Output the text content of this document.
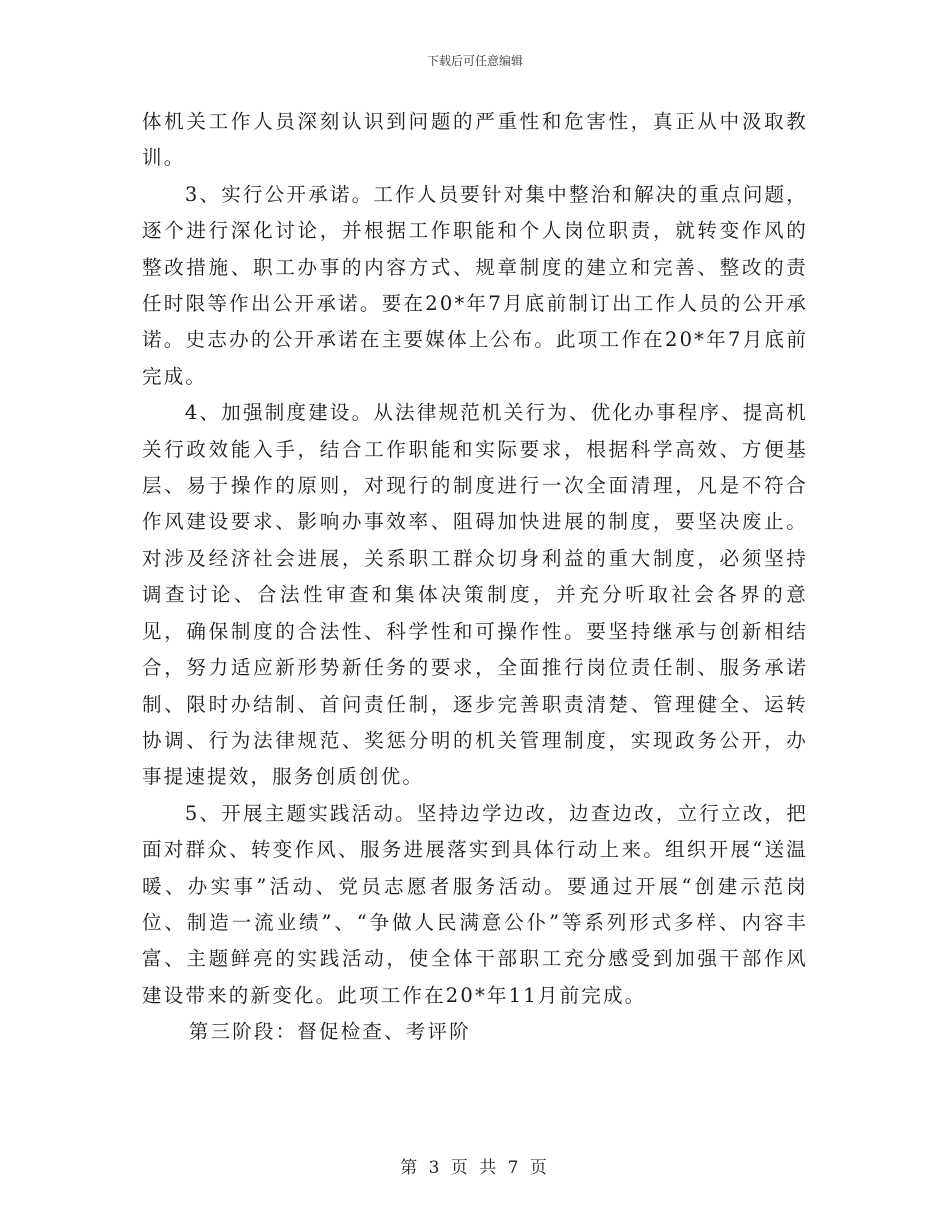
下载后可任意编辑

体机关工作人员深刻认识到问题的严重性和危害性，真正从中汲取教训。

3、实行公开承诺。工作人员要针对集中整治和解决的重点问题，逐个进行深化讨论，并根据工作职能和个人岗位职责，就转变作风的整改措施、职工办事的内容方式、规章制度的建立和完善、整改的责任时限等作出公开承诺。要在20*年7月底前制订出工作人员的公开承诺。史志办的公开承诺在主要媒体上公布。此项工作在20*年7月底前完成。

4、加强制度建设。从法律规范机关行为、优化办事程序、提高机关行政效能入手，结合工作职能和实际要求，根据科学高效、方便基层、易于操作的原则，对现行的制度进行一次全面清理，凡是不符合作风建设要求、影响办事效率、阻碍加快进展的制度，要坚决废止。对涉及经济社会进展，关系职工群众切身利益的重大制度，必须坚持调查讨论、合法性审查和集体决策制度，并充分听取社会各界的意见，确保制度的合法性、科学性和可操作性。要坚持继承与创新相结合，努力适应新形势新任务的要求，全面推行岗位责任制、服务承诺制、限时办结制、首问责任制，逐步完善职责清楚、管理健全、运转协调、行为法律规范、奖惩分明的机关管理制度，实现政务公开，办事提速提效，服务创质创优。

5、开展主题实践活动。坚持边学边改，边查边改，立行立改，把面对群众、转变作风、服务进展落实到具体行动上来。组织开展“送温暖、办实事”活动、党员志愿者服务活动。要通过开展“创建示范岗位、制造一流业绩”、“争做人民满意公仆”等系列形式多样、内容丰富、主题鲜亮的实践活动，使全体干部职工充分感受到加强干部作风建设带来的新变化。此项工作在20*年11月前完成。

第三阶段：督促检查、考评阶

第 3 页 共 7 页
